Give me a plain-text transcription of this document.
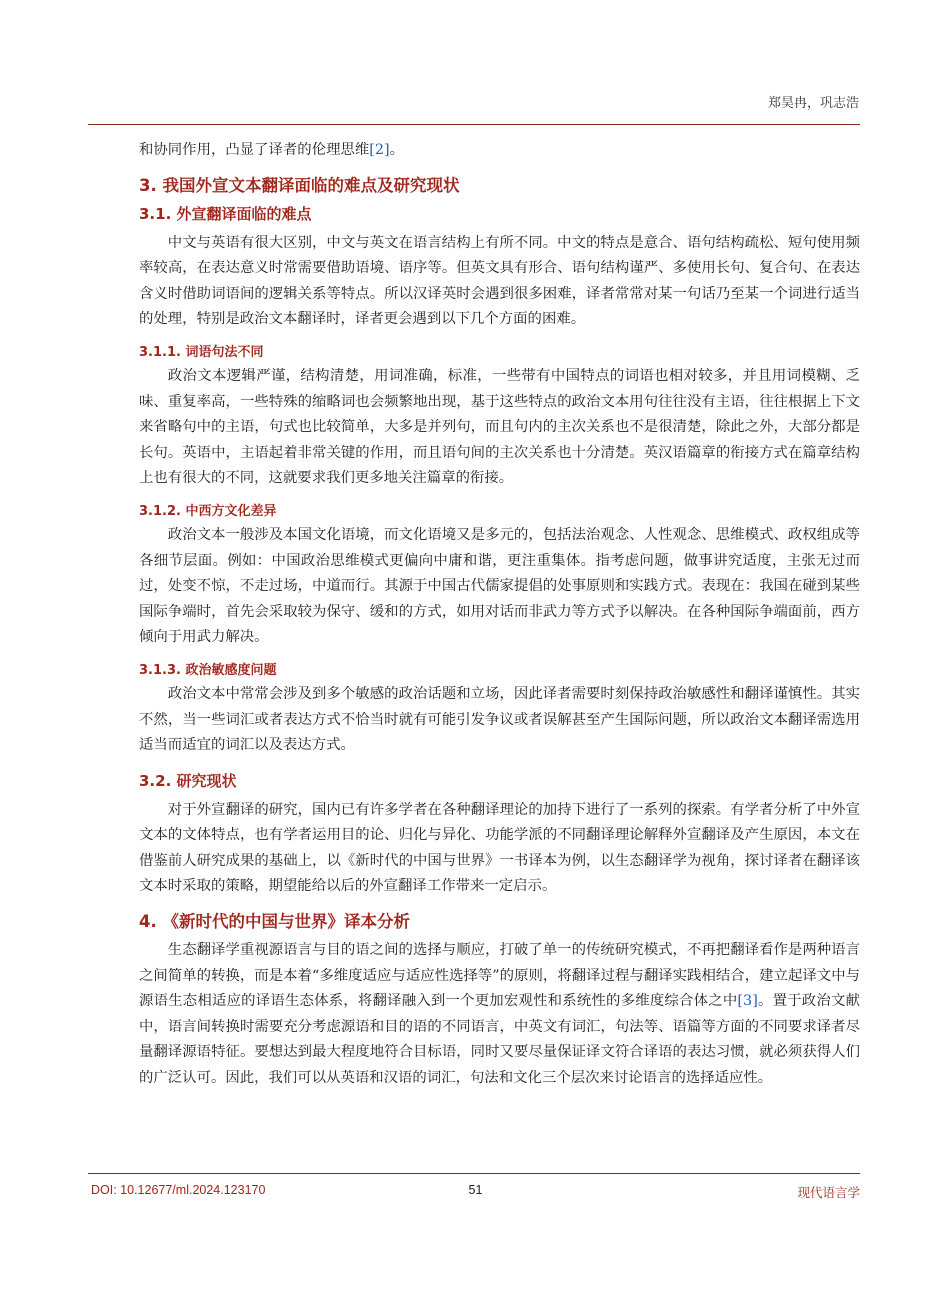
郑昊冉，巩志浩

和协同作用，凸显了译者的伦理思维[2]。

3. 我国外宣文本翻译面临的难点及研究现状
3.1. 外宣翻译面临的难点

中文与英语有很大区别，中文与英文在语言结构上有所不同。中文的特点是意合、语句结构疏松、短句使用频率较高，在表达意义时常需要借助语境、语序等。但英文具有形合、语句结构谨严、多使用长句、复合句、在表达含义时借助词语间的逻辑关系等特点。所以汉译英时会遇到很多困难，译者常常对某一句话乃至某一个词进行适当的处理，特别是政治文本翻译时，译者更会遇到以下几个方面的困难。

3.1.1. 词语句法不同

政治文本逻辑严谨，结构清楚，用词准确，标准，一些带有中国特点的词语也相对较多，并且用词模糊、乏味、重复率高，一些特殊的缩略词也会频繁地出现，基于这些特点的政治文本用句往往没有主语，往往根据上下文来省略句中的主语，句式也比较简单，大多是并列句，而且句内的主次关系也不是很清楚，除此之外，大部分都是长句。英语中，主语起着非常关键的作用，而且语句间的主次关系也十分清楚。英汉语篇章的衔接方式在篇章结构上也有很大的不同，这就要求我们更多地关注篇章的衔接。

3.1.2. 中西方文化差异

政治文本一般涉及本国文化语境，而文化语境又是多元的，包括法治观念、人性观念、思维模式、政权组成等各细节层面。例如：中国政治思维模式更偏向中庸和谐，更注重集体。指考虑问题，做事讲究适度，主张无过而过，处变不惊，不走过场，中道而行。其源于中国古代儒家提倡的处事原则和实践方式。表现在：我国在碰到某些国际争端时，首先会采取较为保守、缓和的方式，如用对话而非武力等方式予以解决。在各种国际争端面前，西方倾向于用武力解决。

3.1.3. 政治敏感度问题

政治文本中常常会涉及到多个敏感的政治话题和立场，因此译者需要时刻保持政治敏感性和翻译谨慎性。其实不然，当一些词汇或者表达方式不恰当时就有可能引发争议或者误解甚至产生国际问题，所以政治文本翻译需选用适当而适宜的词汇以及表达方式。

3.2. 研究现状

对于外宣翻译的研究，国内已有许多学者在各种翻译理论的加持下进行了一系列的探索。有学者分析了中外宣文本的文体特点，也有学者运用目的论、归化与异化、功能学派的不同翻译理论解释外宣翻译及产生原因，本文在借鉴前人研究成果的基础上，以《新时代的中国与世界》一书译本为例，以生态翻译学为视角，探讨译者在翻译该文本时采取的策略，期望能给以后的外宣翻译工作带来一定启示。

4. 《新时代的中国与世界》译本分析

生态翻译学重视源语言与目的语之间的选择与顺应，打破了单一的传统研究模式，不再把翻译看作是两种语言之间简单的转换，而是本着“多维度适应与适应性选择等”的原则，将翻译过程与翻译实践相结合，建立起译文中与源语生态相适应的译语生态体系，将翻译融入到一个更加宏观性和系统性的多维度综合体之中[3]。置于政治文献中，语言间转换时需要充分考虑源语和目的语的不同语言，中英文有词汇，句法等、语篇等方面的不同要求译者尽量翻译源语特征。要想达到最大程度地符合目标语，同时又要尽量保证译文符合译语的表达习惯，就必须获得人们的广泛认可。因此，我们可以从英语和汉语的词汇，句法和文化三个层次来讨论语言的选择适应性。

DOI: 10.12677/ml.2024.123170	51	现代语言学
